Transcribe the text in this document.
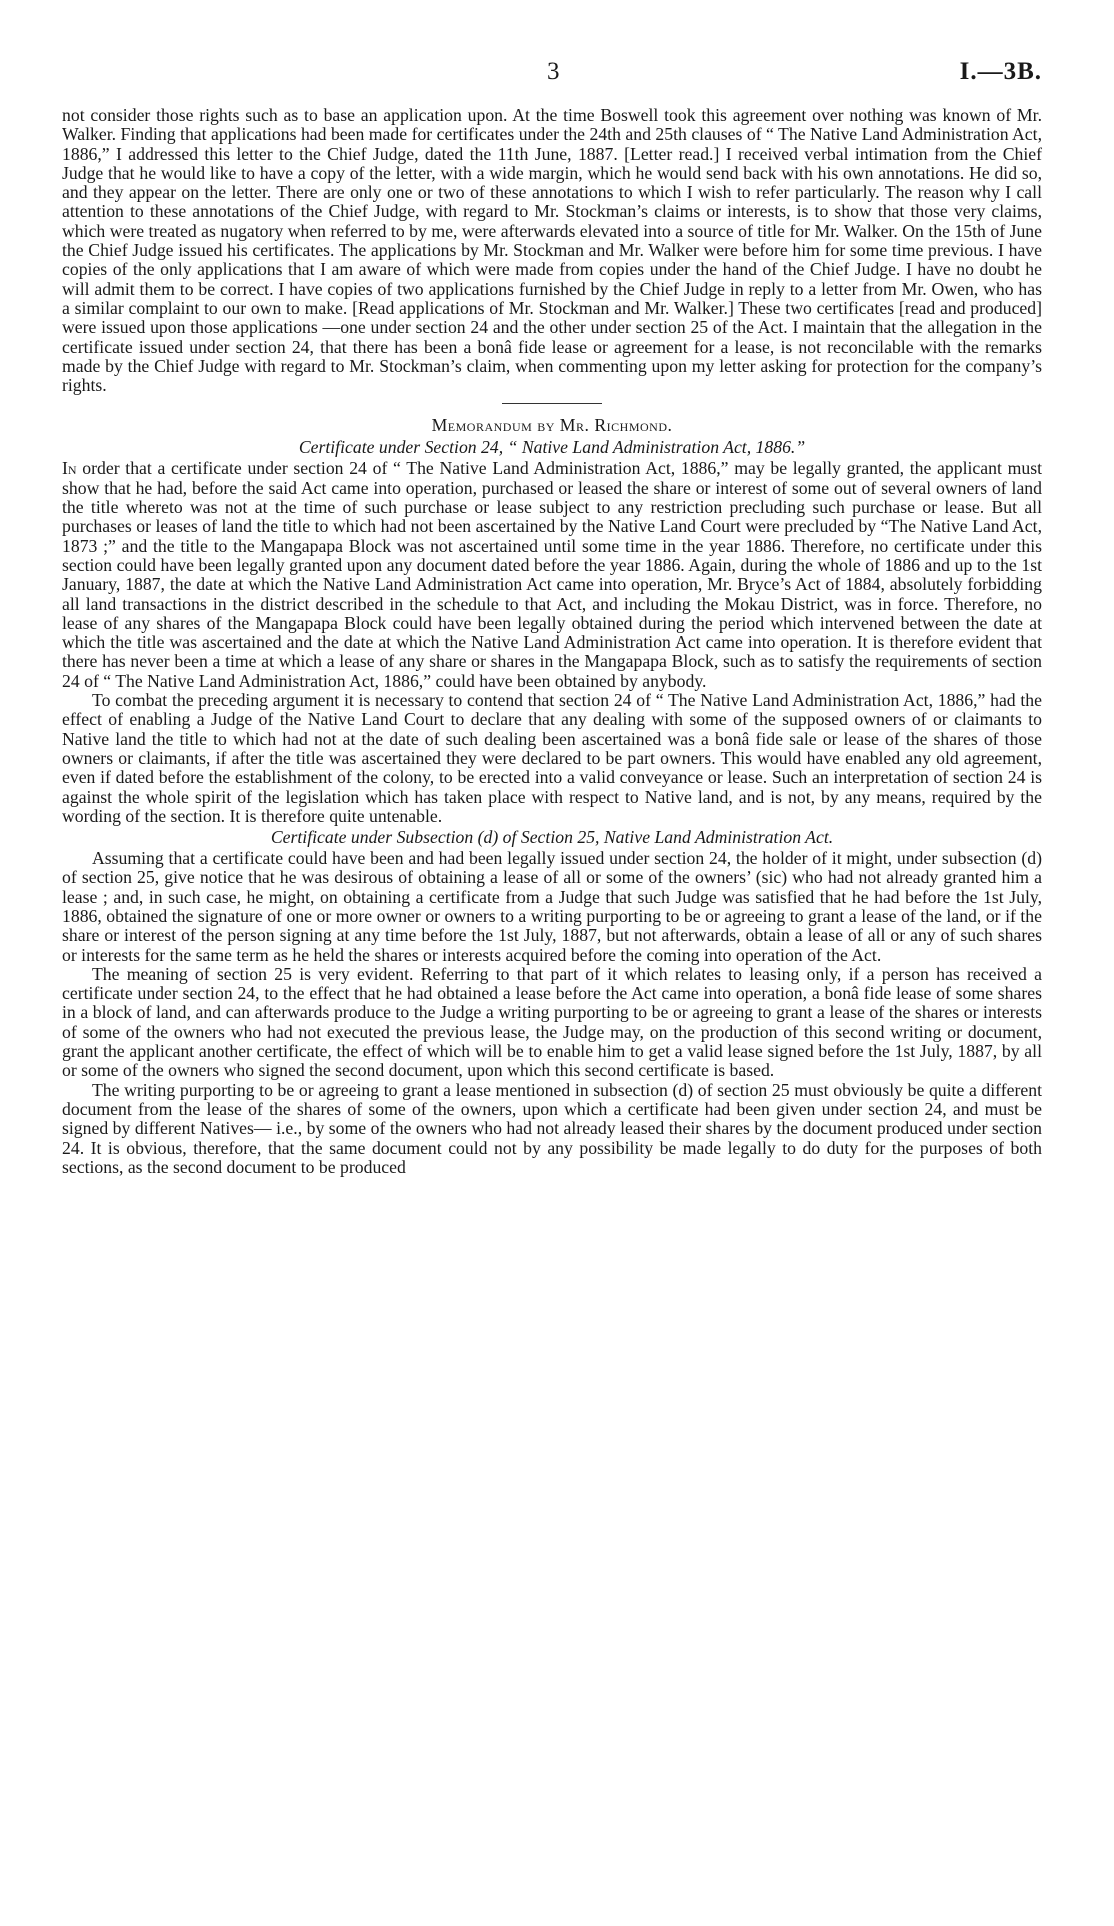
3	I.—3B.

not consider those rights such as to base an application upon. At the time Boswell took this agreement over nothing was known of Mr. Walker. Finding that applications had been made for certificates under the 24th and 25th clauses of “ The Native Land Administration Act, 1886,” I addressed this letter to the Chief Judge, dated the 11th June, 1887. [Letter read.] I received verbal intimation from the Chief Judge that he would like to have a copy of the letter, with a wide margin, which he would send back with his own annotations. He did so, and they appear on the letter. There are only one or two of these annotations to which I wish to refer particularly. The reason why I call attention to these annotations of the Chief Judge, with regard to Mr. Stockman’s claims or interests, is to show that those very claims, which were treated as nugatory when referred to by me, were afterwards elevated into a source of title for Mr. Walker. On the 15th of June the Chief Judge issued his certificates. The applications by Mr. Stockman and Mr. Walker were before him for some time previous. I have copies of the only applications that I am aware of which were made from copies under the hand of the Chief Judge. I have no doubt he will admit them to be correct. I have copies of two applications furnished by the Chief Judge in reply to a letter from Mr. Owen, who has a similar complaint to our own to make. [Read applications of Mr. Stockman and Mr. Walker.] These two certificates [read and produced] were issued upon those applications —one under section 24 and the other under section 25 of the Act. I maintain that the allegation in the certificate issued under section 24, that there has been a bonâ fide lease or agreement for a lease, is not reconcilable with the remarks made by the Chief Judge with regard to Mr. Stockman’s claim, when commenting upon my letter asking for protection for the company’s rights.

Memorandum by Mr. Richmond.
Certificate under Section 24, “ Native Land Administration Act, 1886.”

In order that a certificate under section 24 of “ The Native Land Administration Act, 1886,” may be legally granted, the applicant must show that he had, before the said Act came into operation, purchased or leased the share or interest of some out of several owners of land the title whereto was not at the time of such purchase or lease subject to any restriction precluding such purchase or lease. But all purchases or leases of land the title to which had not been ascertained by the Native Land Court were precluded by “The Native Land Act, 1873 ;” and the title to the Mangapapa Block was not ascertained until some time in the year 1886. Therefore, no certificate under this section could have been legally granted upon any document dated before the year 1886. Again, during the whole of 1886 and up to the 1st January, 1887, the date at which the Native Land Administration Act came into operation, Mr. Bryce’s Act of 1884, absolutely forbidding all land transactions in the district described in the schedule to that Act, and including the Mokau District, was in force. Therefore, no lease of any shares of the Mangapapa Block could have been legally obtained during the period which intervened between the date at which the title was ascertained and the date at which the Native Land Administration Act came into operation. It is therefore evident that there has never been a time at which a lease of any share or shares in the Mangapapa Block, such as to satisfy the requirements of section 24 of “ The Native Land Administration Act, 1886,” could have been obtained by anybody.

To combat the preceding argument it is necessary to contend that section 24 of “ The Native Land Administration Act, 1886,” had the effect of enabling a Judge of the Native Land Court to declare that any dealing with some of the supposed owners of or claimants to Native land the title to which had not at the date of such dealing been ascertained was a bonâ fide sale or lease of the shares of those owners or claimants, if after the title was ascertained they were declared to be part owners. This would have enabled any old agreement, even if dated before the establishment of the colony, to be erected into a valid conveyance or lease. Such an interpretation of section 24 is against the whole spirit of the legislation which has taken place with respect to Native land, and is not, by any means, required by the wording of the section. It is therefore quite untenable.

Certificate under Subsection (d) of Section 25, Native Land Administration Act.

Assuming that a certificate could have been and had been legally issued under section 24, the holder of it might, under subsection (d) of section 25, give notice that he was desirous of obtaining a lease of all or some of the owners’ (sic) who had not already granted him a lease ; and, in such case, he might, on obtaining a certificate from a Judge that such Judge was satisfied that he had before the 1st July, 1886, obtained the signature of one or more owner or owners to a writing purporting to be or agreeing to grant a lease of the land, or if the share or interest of the person signing at any time before the 1st July, 1887, but not afterwards, obtain a lease of all or any of such shares or interests for the same term as he held the shares or interests acquired before the coming into operation of the Act.

The meaning of section 25 is very evident. Referring to that part of it which relates to leasing only, if a person has received a certificate under section 24, to the effect that he had obtained a lease before the Act came into operation, a bonâ fide lease of some shares in a block of land, and can afterwards produce to the Judge a writing purporting to be or agreeing to grant a lease of the shares or interests of some of the owners who had not executed the previous lease, the Judge may, on the production of this second writing or document, grant the applicant another certificate, the effect of which will be to enable him to get a valid lease signed before the 1st July, 1887, by all or some of the owners who signed the second document, upon which this second certificate is based.

The writing purporting to be or agreeing to grant a lease mentioned in subsection (d) of section 25 must obviously be quite a different document from the lease of the shares of some of the owners, upon which a certificate had been given under section 24, and must be signed by different Natives— i.e., by some of the owners who had not already leased their shares by the document produced under section 24. It is obvious, therefore, that the same document could not by any possibility be made legally to do duty for the purposes of both sections, as the second document to be produced
